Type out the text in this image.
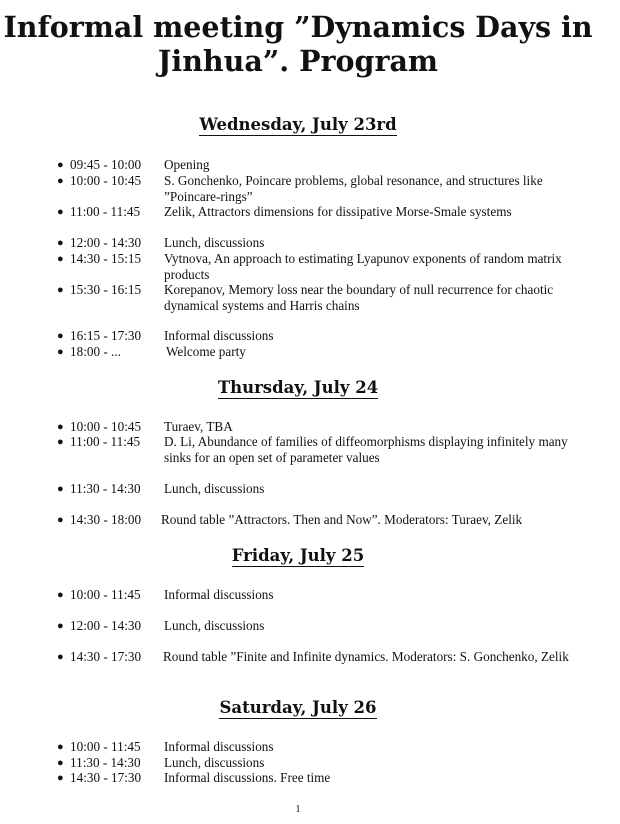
Informal meeting ”Dynamics Days in
Jinhua”. Program
Wednesday, July 23rd
● 09:45 - 10:00 Opening
● 10:00 - 10:45 S. Gonchenko, Poincare problems, global resonance, and structures like ”Poincare-rings”
● 11:00 - 11:45 Zelik, Attractors dimensions for dissipative Morse-Smale systems
● 12:00 - 14:30 Lunch, discussions
● 14:30 - 15:15 Vytnova, An approach to estimating Lyapunov exponents of random matrix products
● 15:30 - 16:15 Korepanov, Memory loss near the boundary of null recurrence for chaotic dynamical systems and Harris chains
● 16:15 - 17:30 Informal discussions
● 18:00 - ...	Welcome party
Thursday, July 24
● 10:00 - 10:45 Turaev, TBA
● 11:00 - 11:45 D. Li, Abundance of families of diffeomorphisms displaying infinitely many sinks for an open set of parameter values
● 11:30 - 14:30 Lunch, discussions
● 14:30 - 18:00 Round table ”Attractors. Then and Now”. Moderators: Turaev, Zelik
Friday, July 25
● 10:00 - 11:45 Informal discussions
● 12:00 - 14:30 Lunch, discussions
● 14:30 - 17:30	Round table ”Finite and Infinite dynamics. Moderators: S. Gonchenko, Zelik
Saturday, July 26
● 10:00 - 11:45 Informal discussions
● 11:30 - 14:30 Lunch, discussions
● 14:30 - 17:30 Informal discussions. Free time
1
